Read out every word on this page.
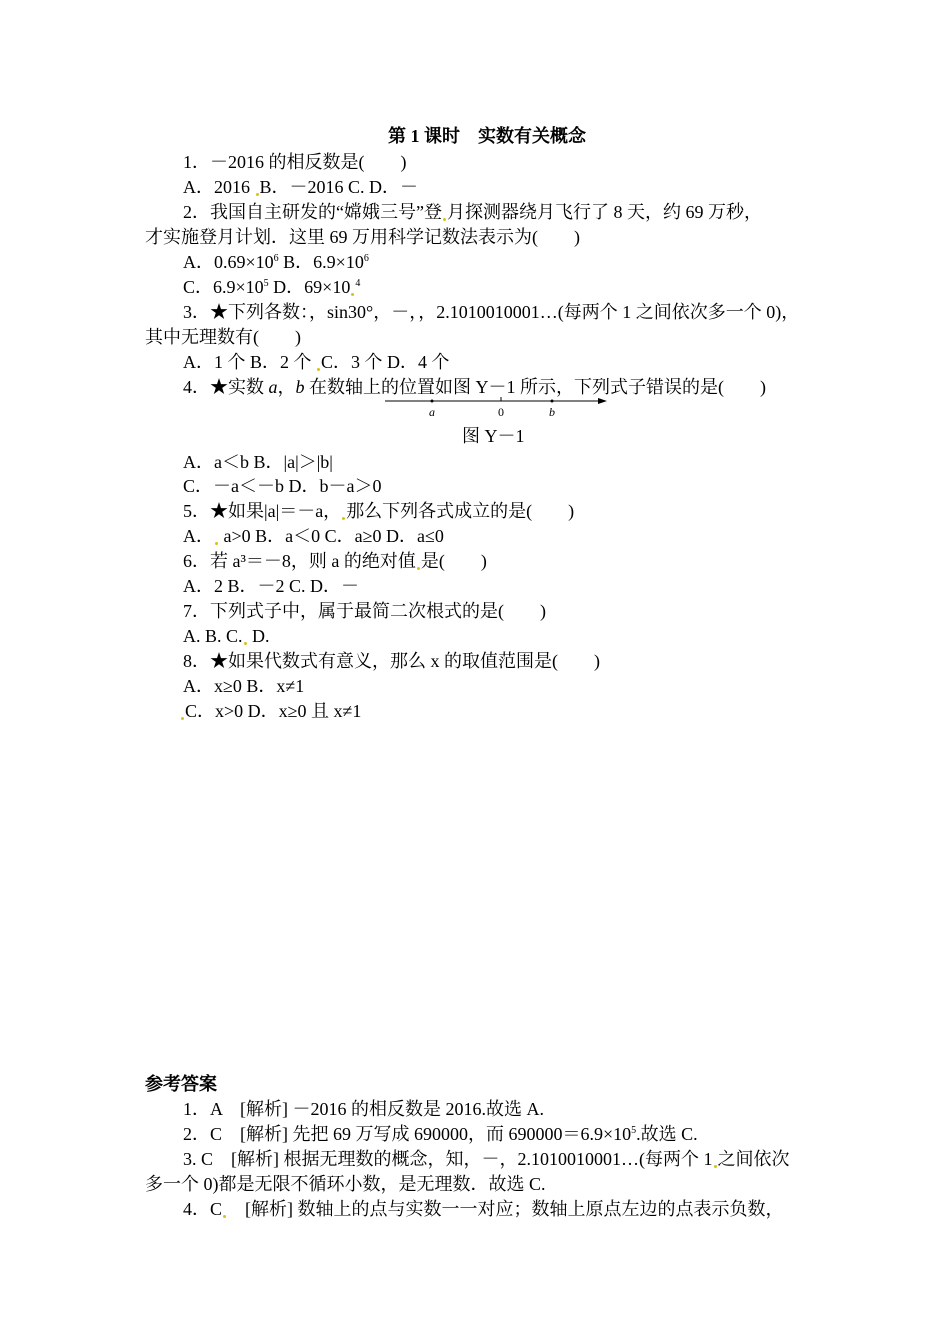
第 1 课时　实数有关概念
1．－2016 的相反数是(　　)
A．2016 B．－2016 C. D．－
2．我国自主研发的“嫦娥三号”登 月探测器绕月飞行了 8 天，约 69 万秒，
才实施登月计划．这里 69 万用科学记数法表示为(　　)
A．$0.69\times 10^6$ B．$6.9\times 10^6$
C．$6.9\times 10^5$ D．69×10 $^4$
3．★下列各数：，sin30°，－，，2.1010010001…(每两个 1 之间依次多一个 0)，
其中无理数有(　　)
A．1 个 B．2 个 C．3 个 D．4 个
4．★实数 a，b 在数轴上的位置如图 Y－1 所示，下列式子错误的是(　　)
a	0	b
图 Y－1
A．a＜b B．|a|＞|b|
C．－a＜－b D．b－a＞0
5．★如果|a|＝－a， 那么下列各式成立的是(　　)
A． a>0 B．a＜0 C．a≥0 D．a≤0
6．若 a³＝－8，则 a 的绝对值 是(　　)
A．2 B．－2 C. D．－
7．下列式子中，属于最简二次根式的是(　　)
A. B. C. D.
8．★如果代数式有意义，那么 x 的取值范围是(　　)
A．x≥0 B．x≠1
C．x>0 D．x≥0 且 x≠1
参考答案
1．A　[解析] －2016 的相反数是 2016.故选 A.
2．C　[解析] 先把 69 万写成 690000，而 $690000=6.9\times 10^5$.故选 C.
3. C　[解析] 根据无理数的概念，知，－，2.1010010001…(每两个 1 之间依次
多一个 0)都是无限不循环小数，是无理数．故选 C.
4．C　[解析] 数轴上的点与实数一一对应；数轴上原点左边的点表示负数，
